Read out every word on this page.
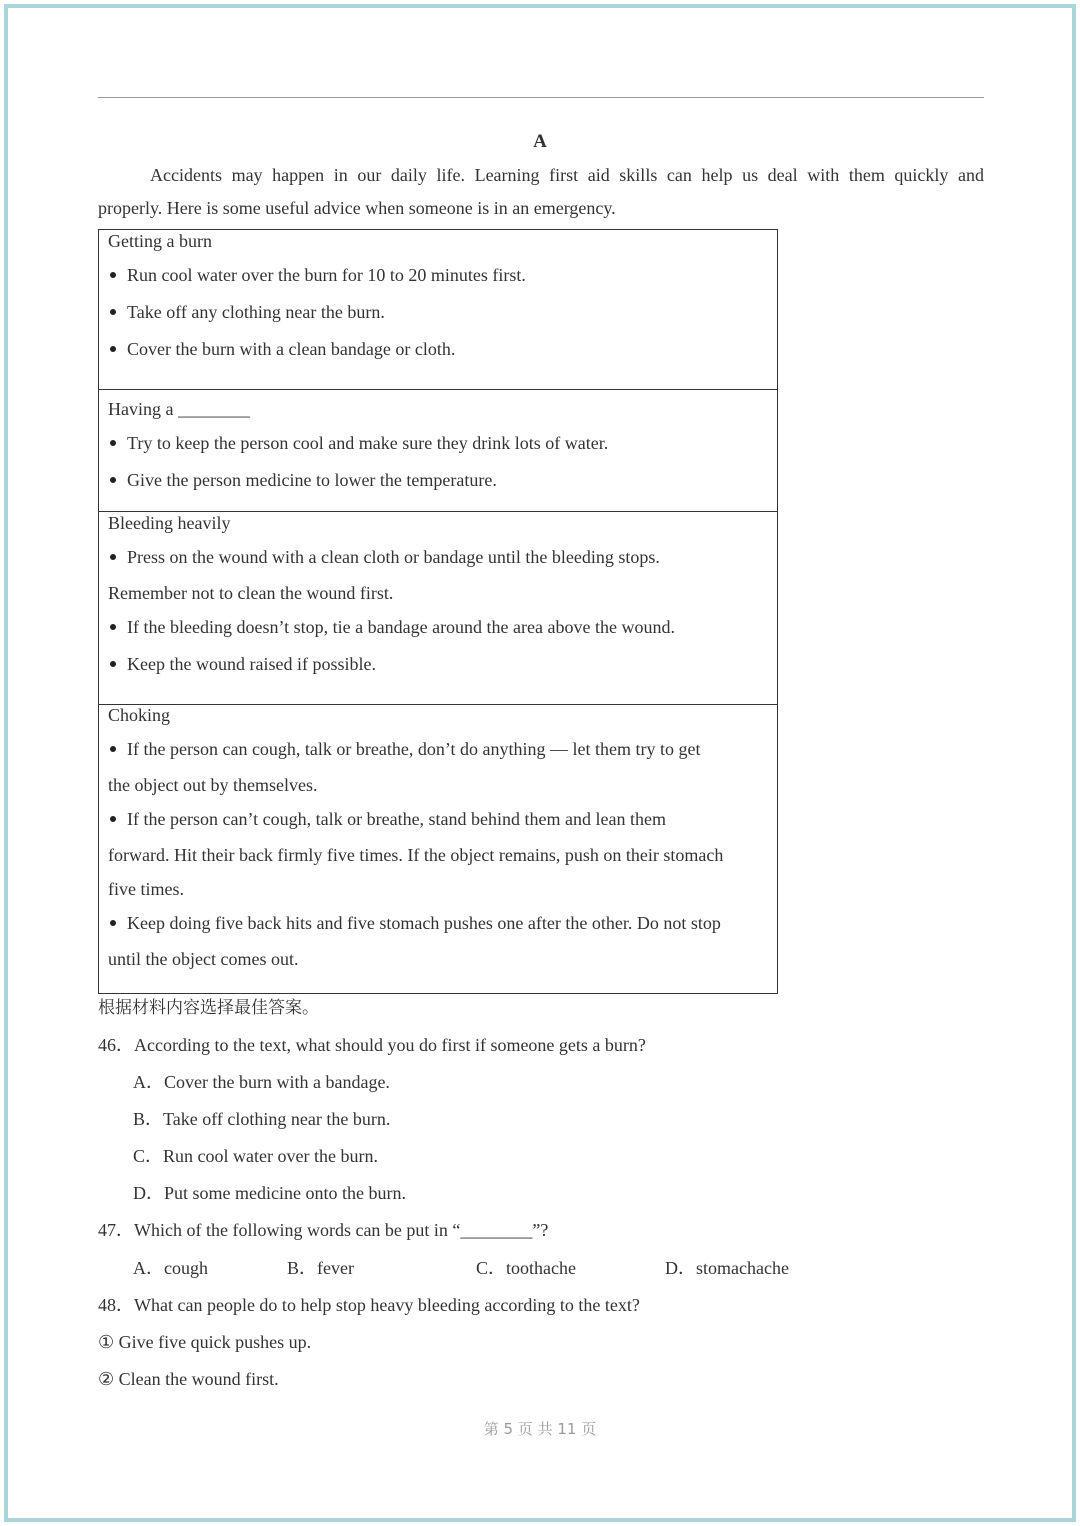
A
Accidents may happen in our daily life. Learning first aid skills can help us deal with them quickly and
properly. Here is some useful advice when someone is in an emergency.
Getting a burn
Run cool water over the burn for 10 to 20 minutes first.
Take off any clothing near the burn.
Cover the burn with a clean bandage or cloth.
Having a ________
Try to keep the person cool and make sure they drink lots of water.
Give the person medicine to lower the temperature.
Bleeding heavily
Press on the wound with a clean cloth or bandage until the bleeding stops.
Remember not to clean the wound first.
If the bleeding doesn’t stop, tie a bandage around the area above the wound.
Keep the wound raised if possible.
Choking
If the person can cough, talk or breathe, don’t do anything — let them try to get
the object out by themselves.
If the person can’t cough, talk or breathe, stand behind them and lean them
forward. Hit their back firmly five times. If the object remains, push on their stomach
five times.
Keep doing five back hits and five stomach pushes one after the other. Do not stop
until the object comes out.
根据材料内容选择最佳答案。
46．According to the text, what should you do first if someone gets a burn?
A．Cover the burn with a bandage.
B．Take off clothing near the burn.
C．Run cool water over the burn.
D．Put some medicine onto the burn.
47．Which of the following words can be put in “________”?
A．cough	B．fever	C．toothache	D．stomachache
48．What can people do to help stop heavy bleeding according to the text?
① Give five quick pushes up.
② Clean the wound first.
第 5 页 共 11 页
